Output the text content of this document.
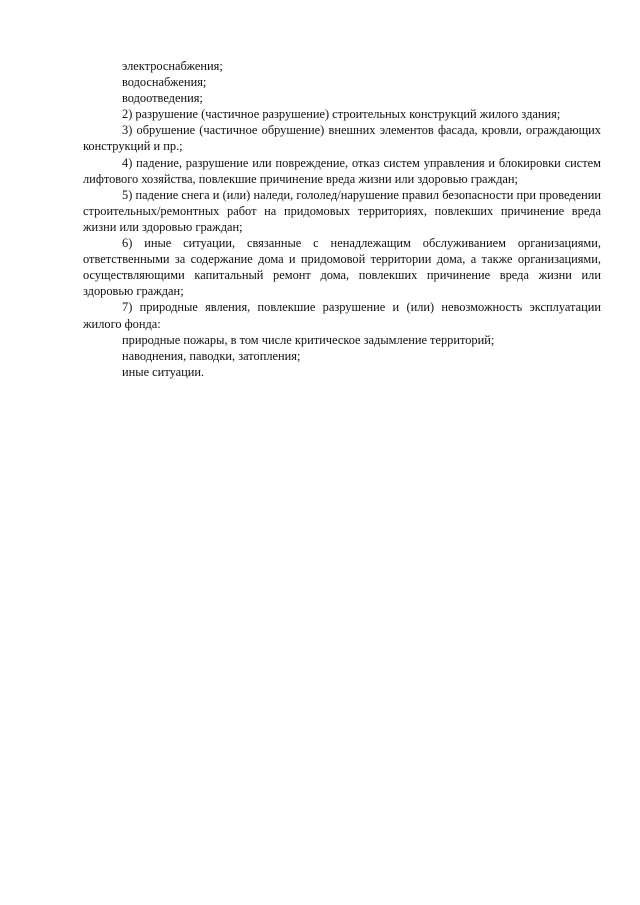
электроснабжения;

водоснабжения;

водоотведения;

2) разрушение (частичное разрушение) строительных конструкций жилого здания;

3) обрушение (частичное обрушение) внешних элементов фасада, кровли, ограждающих конструкций и пр.;

4) падение, разрушение или повреждение, отказ систем управления и блокировки систем лифтового хозяйства, повлекшие причинение вреда жизни или здоровью граждан;

5) падение снега и (или) наледи, гололед/нарушение правил безопасности при проведении строительных/ремонтных работ на придомовых территориях, повлекших причинение вреда жизни или здоровью граждан;

6) иные ситуации, связанные с ненадлежащим обслуживанием организациями, ответственными за содержание дома и придомовой территории дома, а также организациями, осуществляющими капитальный ремонт дома, повлекших причинение вреда жизни или здоровью граждан;

7) природные явления, повлекшие разрушение и (или) невозможность эксплуатации жилого фонда:

природные пожары, в том числе критическое задымление территорий;

наводнения, паводки, затопления;

иные ситуации.
